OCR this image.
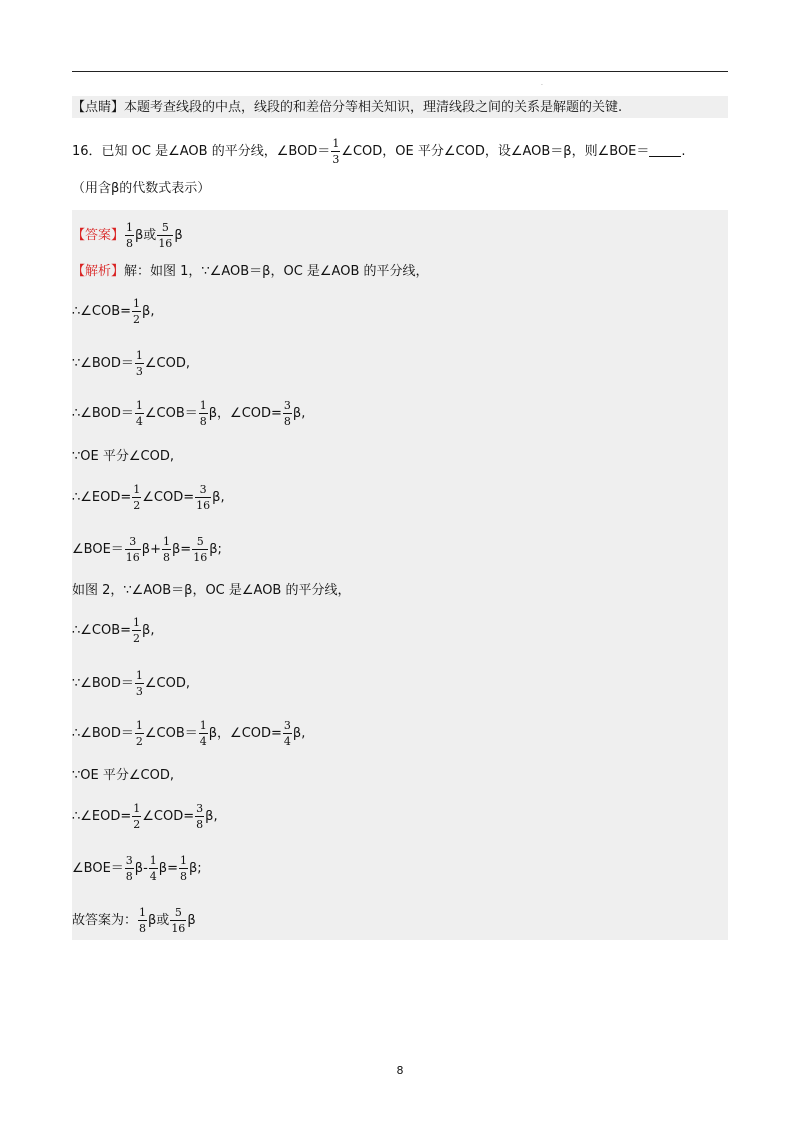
·
【点睛】本题考查线段的中点，线段的和差倍分等相关知识，理清线段之间的关系是解题的关键.
16．已知 OC 是∠AOB 的平分线，∠BOD＝ $\frac{1}{3}$ ∠COD，OE 平分∠COD，设∠AOB＝β，则∠BOE＝ .
（用含β的代数式表示）
【答案】 $\frac{1}{8}$ β或 $\frac{5}{16}$ β
【解析】解：如图 1，∵∠AOB＝β，OC 是∠AOB 的平分线，
∴∠COB= $\frac{1}{2} \beta$,
∵∠BOD＝ $\frac{1}{3}$ ∠COD,
∴∠BOD＝ $\frac{1}{4}$ ∠COB＝ $\frac{1}{8}$ β，∠COD= $\frac{3}{8} \beta$,
∵OE 平分∠COD,
∴∠EOD= $\frac{1}{2}$ ∠COD= $\frac{3}{16} \beta$,
∠BOE＝ $\frac{3}{16} \beta+ \frac{1}{8} \beta= \frac{5}{16} \beta$;
如图 2，∵∠AOB＝β，OC 是∠AOB 的平分线，
∴∠COB= $\frac{1}{2} \beta$,
∵∠BOD＝ $\frac{1}{3}$ ∠COD,
∴∠BOD＝ $\frac{1}{2}$ ∠COB＝ $\frac{1}{4}$ β，∠COD= $\frac{3}{4} \beta$,
∵OE 平分∠COD,
∴∠EOD= $\frac{1}{2}$ ∠COD= $\frac{3}{8} \beta$,
∠BOE＝ $\frac{3}{8} \beta- \frac{1}{4} \beta= \frac{1}{8} \beta$;
故答案为： $\frac{1}{8}$ β或 $\frac{5}{16}$ β
8
